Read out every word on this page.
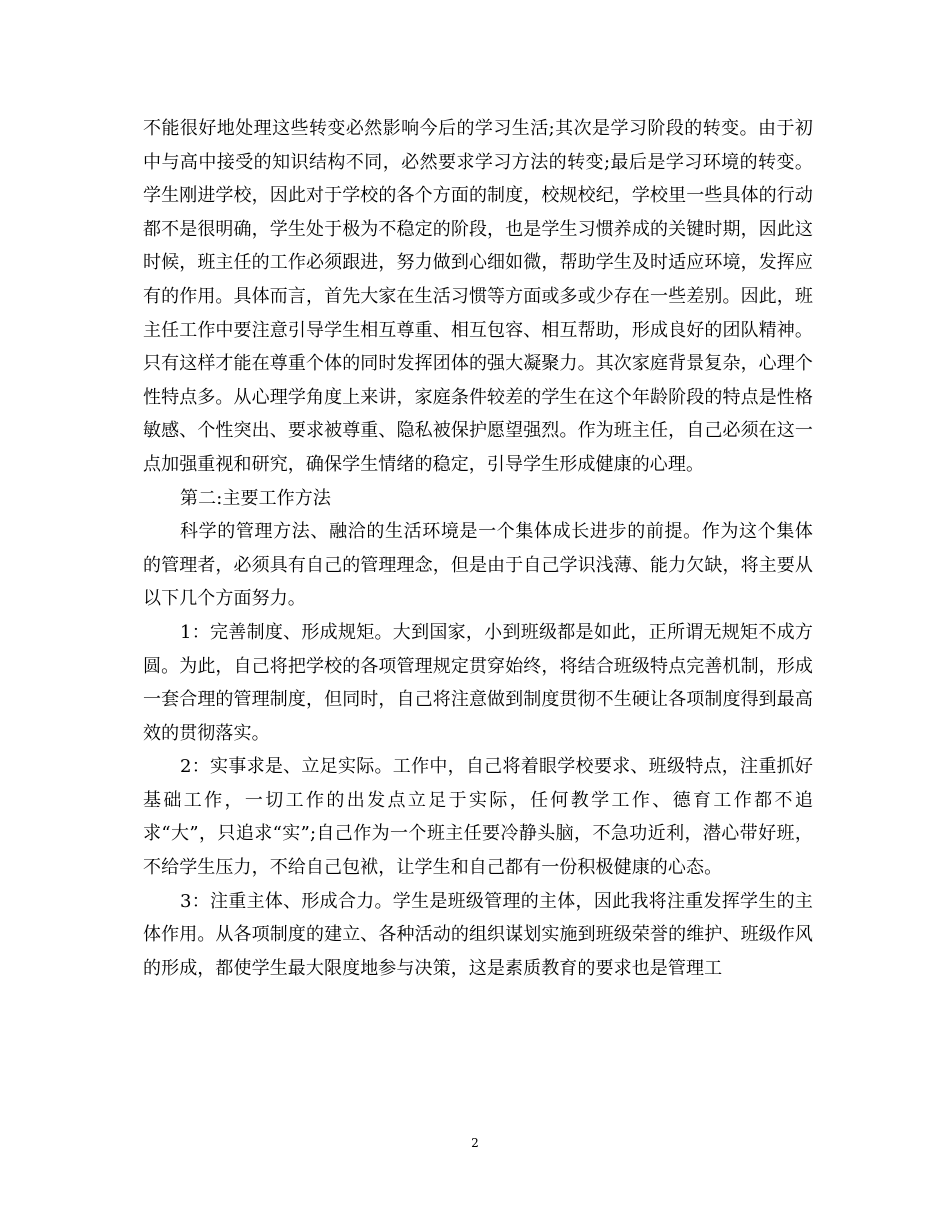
不能很好地处理这些转变必然影响今后的学习生活;其次是学习阶段的转变。由于初中与高中接受的知识结构不同，必然要求学习方法的转变;最后是学习环境的转变。学生刚进学校，因此对于学校的各个方面的制度，校规校纪，学校里一些具体的行动都不是很明确，学生处于极为不稳定的阶段，也是学生习惯养成的关键时期，因此这时候，班主任的工作必须跟进，努力做到心细如微，帮助学生及时适应环境，发挥应有的作用。具体而言，首先大家在生活习惯等方面或多或少存在一些差别。因此，班主任工作中要注意引导学生相互尊重、相互包容、相互帮助，形成良好的团队精神。只有这样才能在尊重个体的同时发挥团体的强大凝聚力。其次家庭背景复杂，心理个性特点多。从心理学角度上来讲，家庭条件较差的学生在这个年龄阶段的特点是性格敏感、个性突出、要求被尊重、隐私被保护愿望强烈。作为班主任，自己必须在这一点加强重视和研究，确保学生情绪的稳定，引导学生形成健康的心理。

第二:主要工作方法

科学的管理方法、融洽的生活环境是一个集体成长进步的前提。作为这个集体的管理者，必须具有自己的管理理念，但是由于自己学识浅薄、能力欠缺，将主要从以下几个方面努力。

1：完善制度、形成规矩。大到国家，小到班级都是如此，正所谓无规矩不成方圆。为此，自己将把学校的各项管理规定贯穿始终，将结合班级特点完善机制，形成一套合理的管理制度，但同时，自己将注意做到制度贯彻不生硬让各项制度得到最高效的贯彻落实。

2：实事求是、立足实际。工作中，自己将着眼学校要求、班级特点，注重抓好基础工作，一切工作的出发点立足于实际，任何教学工作、德育工作都不追求“大”，只追求“实”;自己作为一个班主任要冷静头脑，不急功近利，潜心带好班，不给学生压力，不给自己包袱，让学生和自己都有一份积极健康的心态。

3：注重主体、形成合力。学生是班级管理的主体，因此我将注重发挥学生的主体作用。从各项制度的建立、各种活动的组织谋划实施到班级荣誉的维护、班级作风的形成，都使学生最大限度地参与决策，这是素质教育的要求也是管理工

2
